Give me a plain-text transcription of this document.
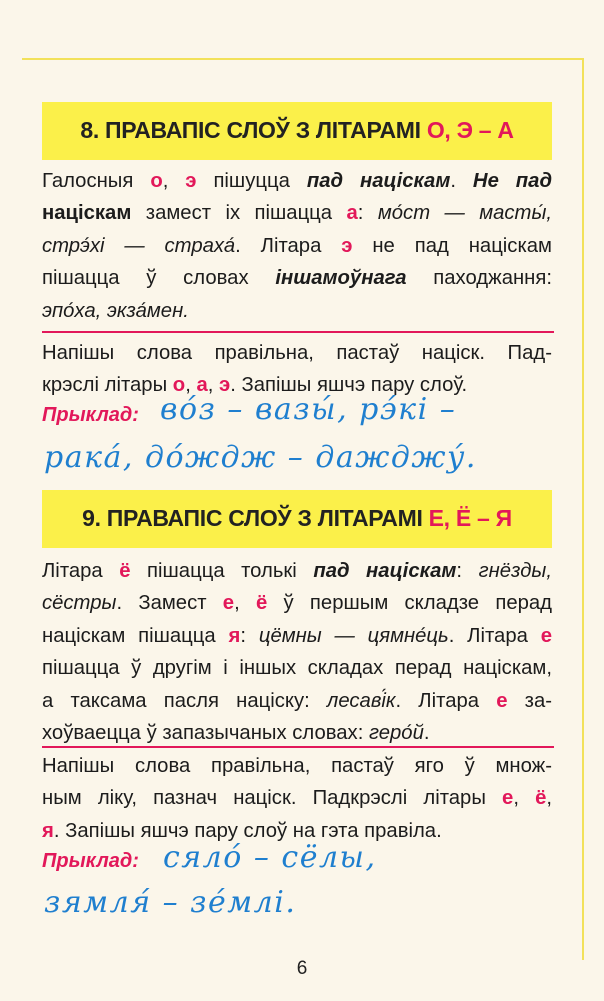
8. ПРАВАПІС СЛОЎ З ЛІТАРАМІ О, Э – А
Галосныя о, э пішуцца пад націскам. Не пад
націскам замест іх пішацца а: мо́ст — масты́,
стрэ́хі — страха́. Літара э не пад націскам
пішацца ў словах іншамоўнага паходжання:
эпо́ха, экза́мен.
Напішы слова правільна, пастаў націск. Пад-
крэслі літары о, а, э. Запішы яшчэ пару слоў.
Прыклад: во́з – вазы́, рэ́кі –
рака́, до́ждж – дажджу́.
9. ПРАВАПІС СЛОЎ З ЛІТАРАМІ Е, Ё – Я
Літара ё пішацца толькі пад націскам: гнёзды,
сёстры. Замест е, ё ў першым складзе перад
націскам пішацца я: цёмны — цямне́ць. Літара е
пішацца ў другім і іншых складах перад націскам,
а таксама пасля націску: лесаві́к. Літара е за-
хоўваецца ў запазычаных словах: геро́й.
Напішы слова правільна, пастаў яго ў множ-
ным ліку, пазнач націск. Падкрэслі літары е, ё,
я. Запішы яшчэ пару слоў на гэта правіла.
Прыклад: сяло́ – сёлы,
зямля́ – зе́млі.
6
